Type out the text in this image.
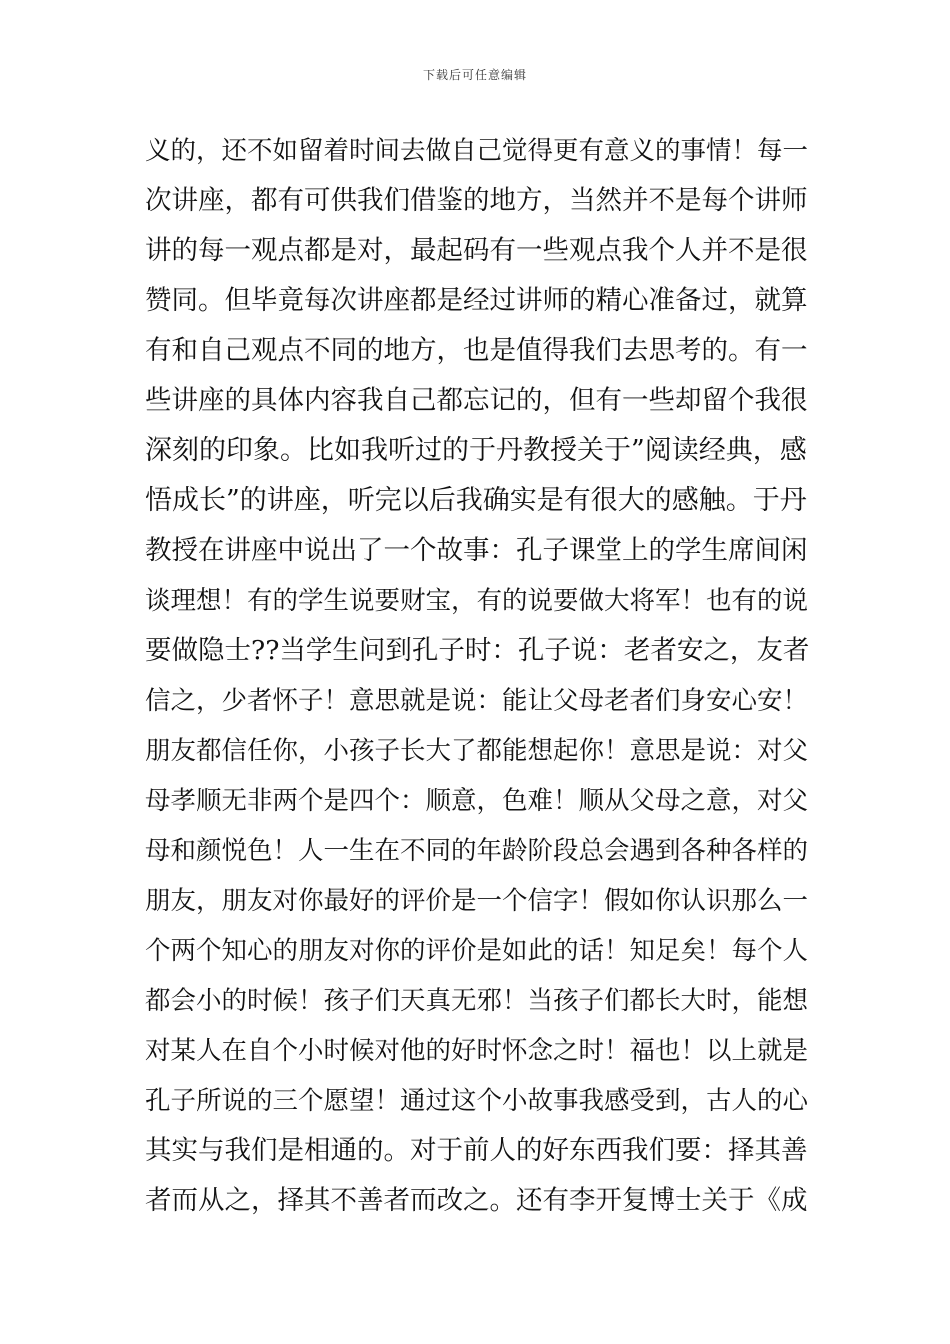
下载后可任意编辑
义的，还不如留着时间去做自己觉得更有意义的事情！每一
次讲座，都有可供我们借鉴的地方，当然并不是每个讲师
讲的每一观点都是对，最起码有一些观点我个人并不是很
赞同。但毕竟每次讲座都是经过讲师的精心准备过，就算
有和自己观点不同的地方，也是值得我们去思考的。有一
些讲座的具体内容我自己都忘记的，但有一些却留个我很
深刻的印象。比如我听过的于丹教授关于”阅读经典，感
悟成长”的讲座，听完以后我确实是有很大的感触。于丹
教授在讲座中说出了一个故事：孔子课堂上的学生席间闲
谈理想！有的学生说要财宝，有的说要做大将军！也有的说
要做隐士??当学生问到孔子时：孔子说：老者安之，友者
信之，少者怀子！意思就是说：能让父母老者们身安心安！
朋友都信任你，小孩子长大了都能想起你！意思是说：对父
母孝顺无非两个是四个：顺意，色难！顺从父母之意，对父
母和颜悦色！人一生在不同的年龄阶段总会遇到各种各样的
朋友，朋友对你最好的评价是一个信字！假如你认识那么一
个两个知心的朋友对你的评价是如此的话！知足矣！每个人
都会小的时候！孩子们天真无邪！当孩子们都长大时，能想
对某人在自个小时候对他的好时怀念之时！福也！以上就是
孔子所说的三个愿望！通过这个小故事我感受到，古人的心
其实与我们是相通的。对于前人的好东西我们要：择其善
者而从之，择其不善者而改之。还有李开复博士关于《成
